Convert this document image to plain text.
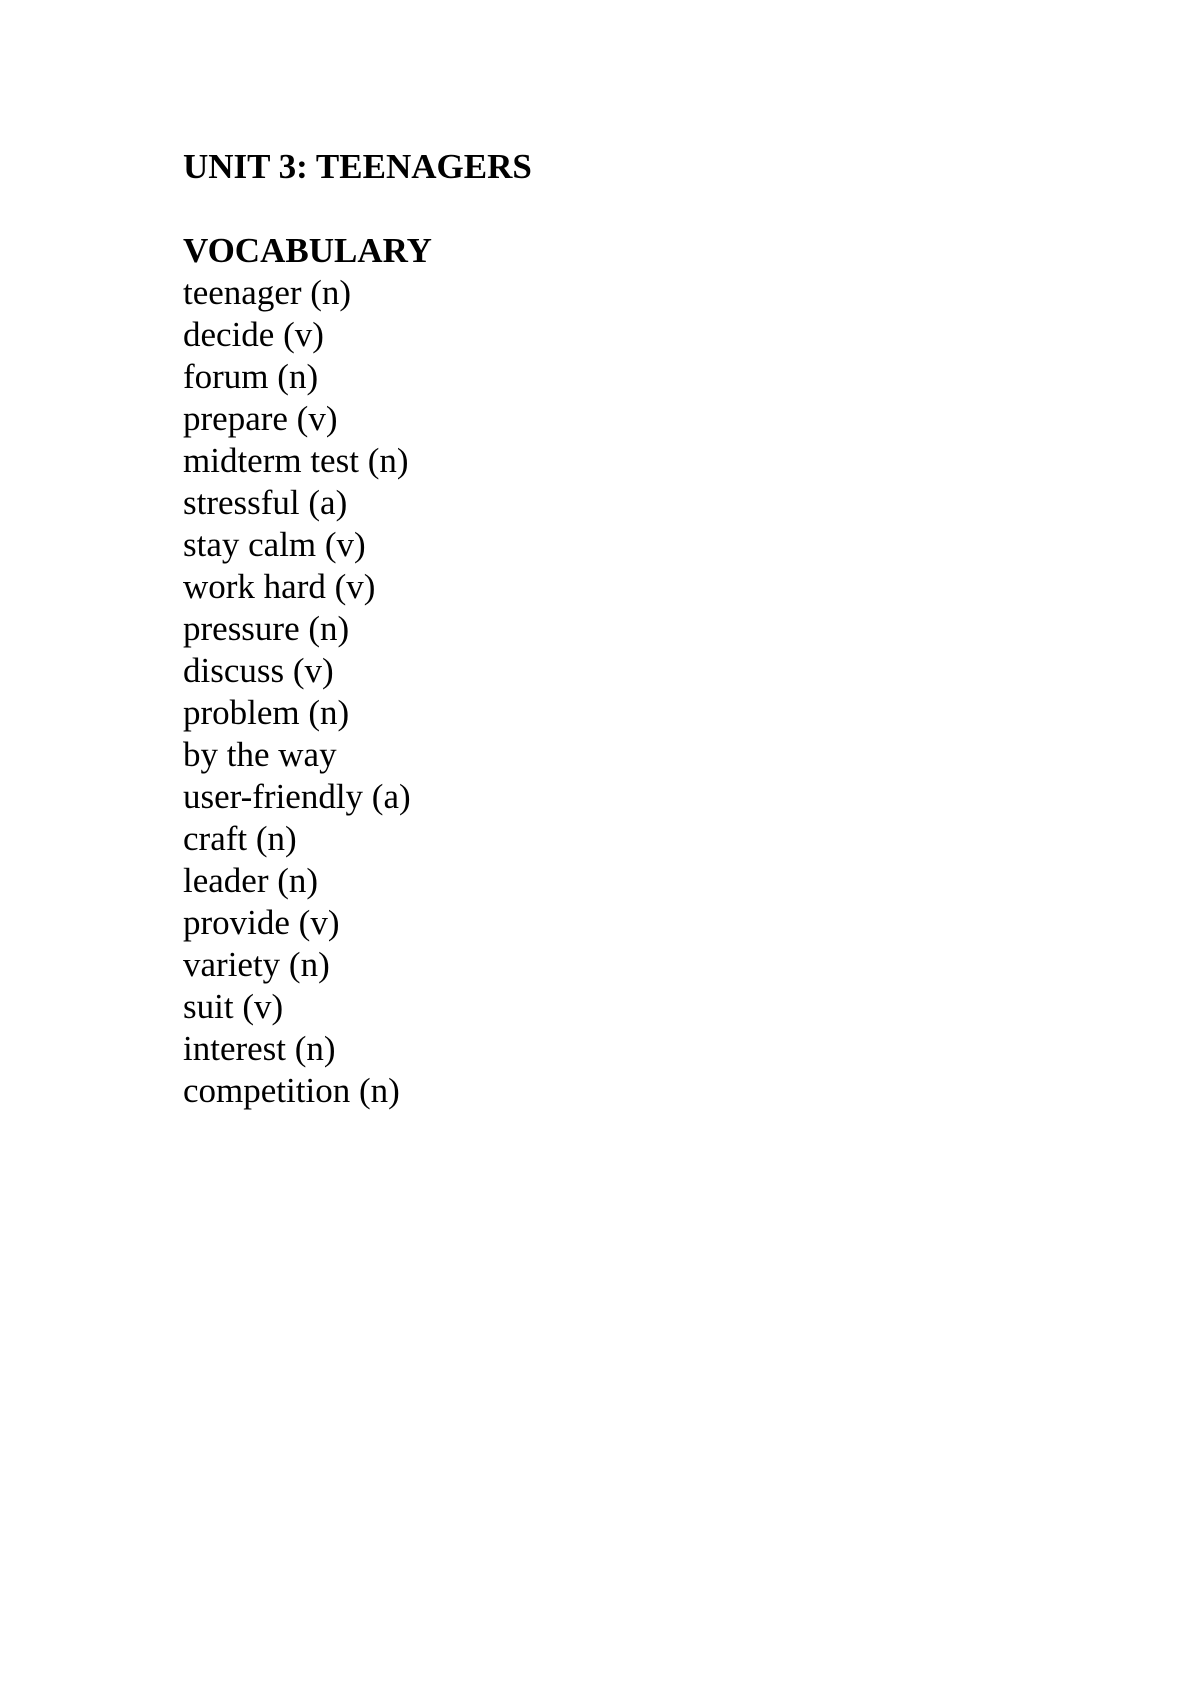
UNIT 3: TEENAGERS
VOCABULARY
teenager (n)
decide (v)
forum (n)
prepare (v)
midterm test (n)
stressful (a)
stay calm (v)
work hard (v)
pressure (n)
discuss (v)
problem (n)
by the way
user-friendly (a)
craft (n)
leader (n)
provide (v)
variety (n)
suit (v)
interest (n)
competition (n)
